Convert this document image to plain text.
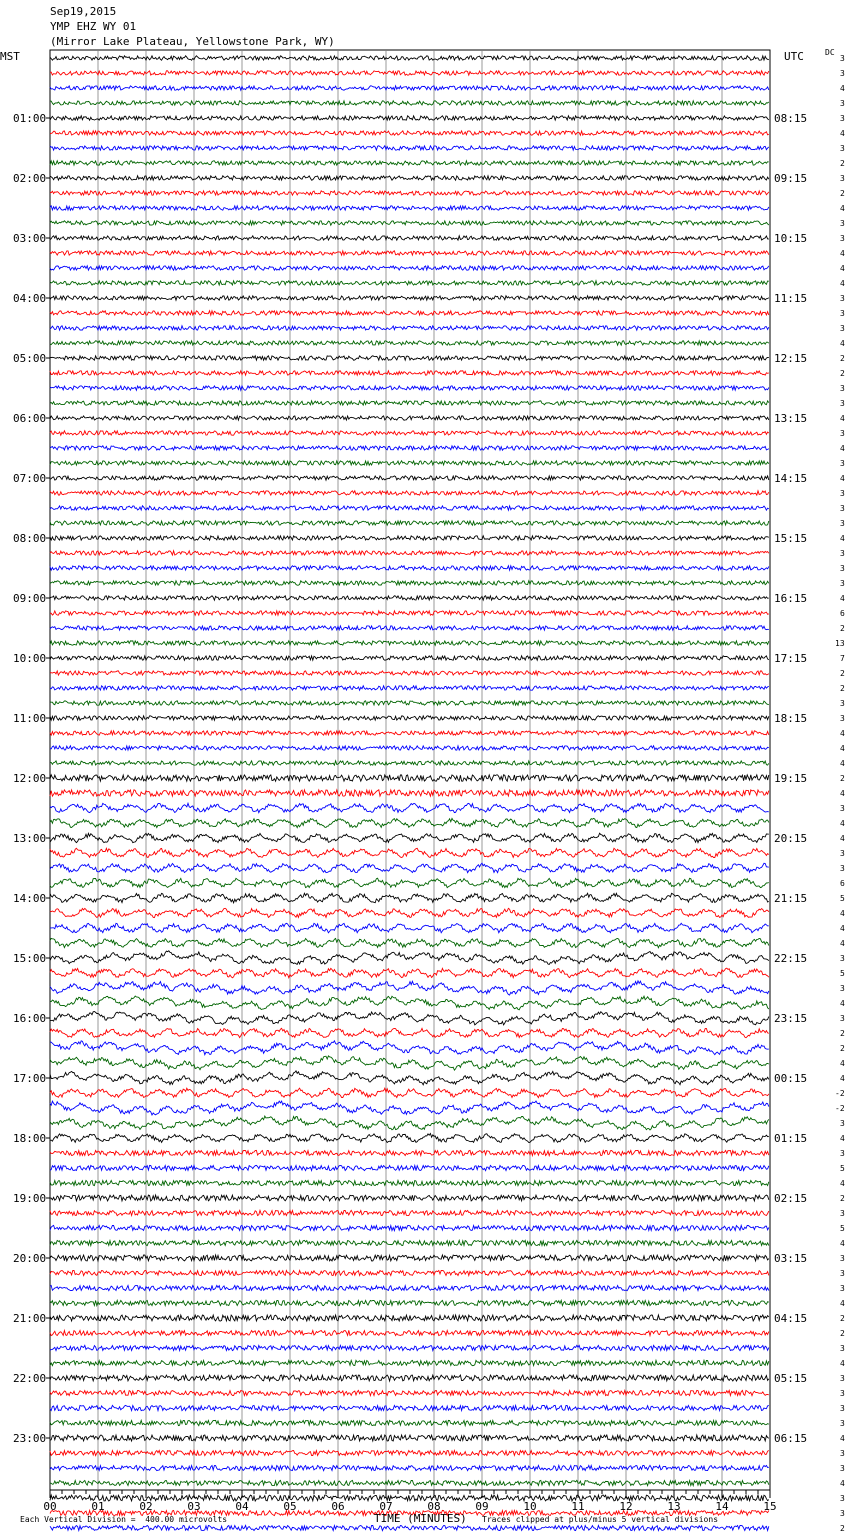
Sep19,2015
YMP EHZ WY 01
(Mirror Lake Plateau, Yellowstone Park, WY)
MST	UTC	DC
3
3
4
3
3
4
3
2
3
2
4
3
3
4
4
4
3
3
3
4
2
2
3
3
4
3
4
3
4
3
3
3
4
3
3
3
4
6
2
13
7
2
2
3
3
4
4
4
2
4
3
4
4
3
3
6
5
4
4
4
3
5
3
4
3
2
2
4
4
-2
-2
3
4
3
5
4
2
3
5
4
3
3
3
4
2
2
3
4
3
3
3
3
4
3
3
4
3
3
2
01:00	08:15
02:00	09:15
03:00	10:15
04:00	11:15
05:00	12:15
06:00	13:15
07:00	14:15
08:00	15:15
09:00	16:15
10:00	17:15
11:00	18:15
12:00	19:15
13:00	20:15
14:00	21:15
15:00	22:15
16:00	23:15
17:00	00:15
18:00	01:15
19:00	02:15
20:00	03:15
21:00	04:15
22:00	05:15
23:00	06:15
00	01	02	03	04	05	06	07	08	09	10	11	12	13	14	15
Each Vertical Division =  400.00 microvolts	TIME (MINUTES) Traces clipped at plus/minus 5 vertical divisions
